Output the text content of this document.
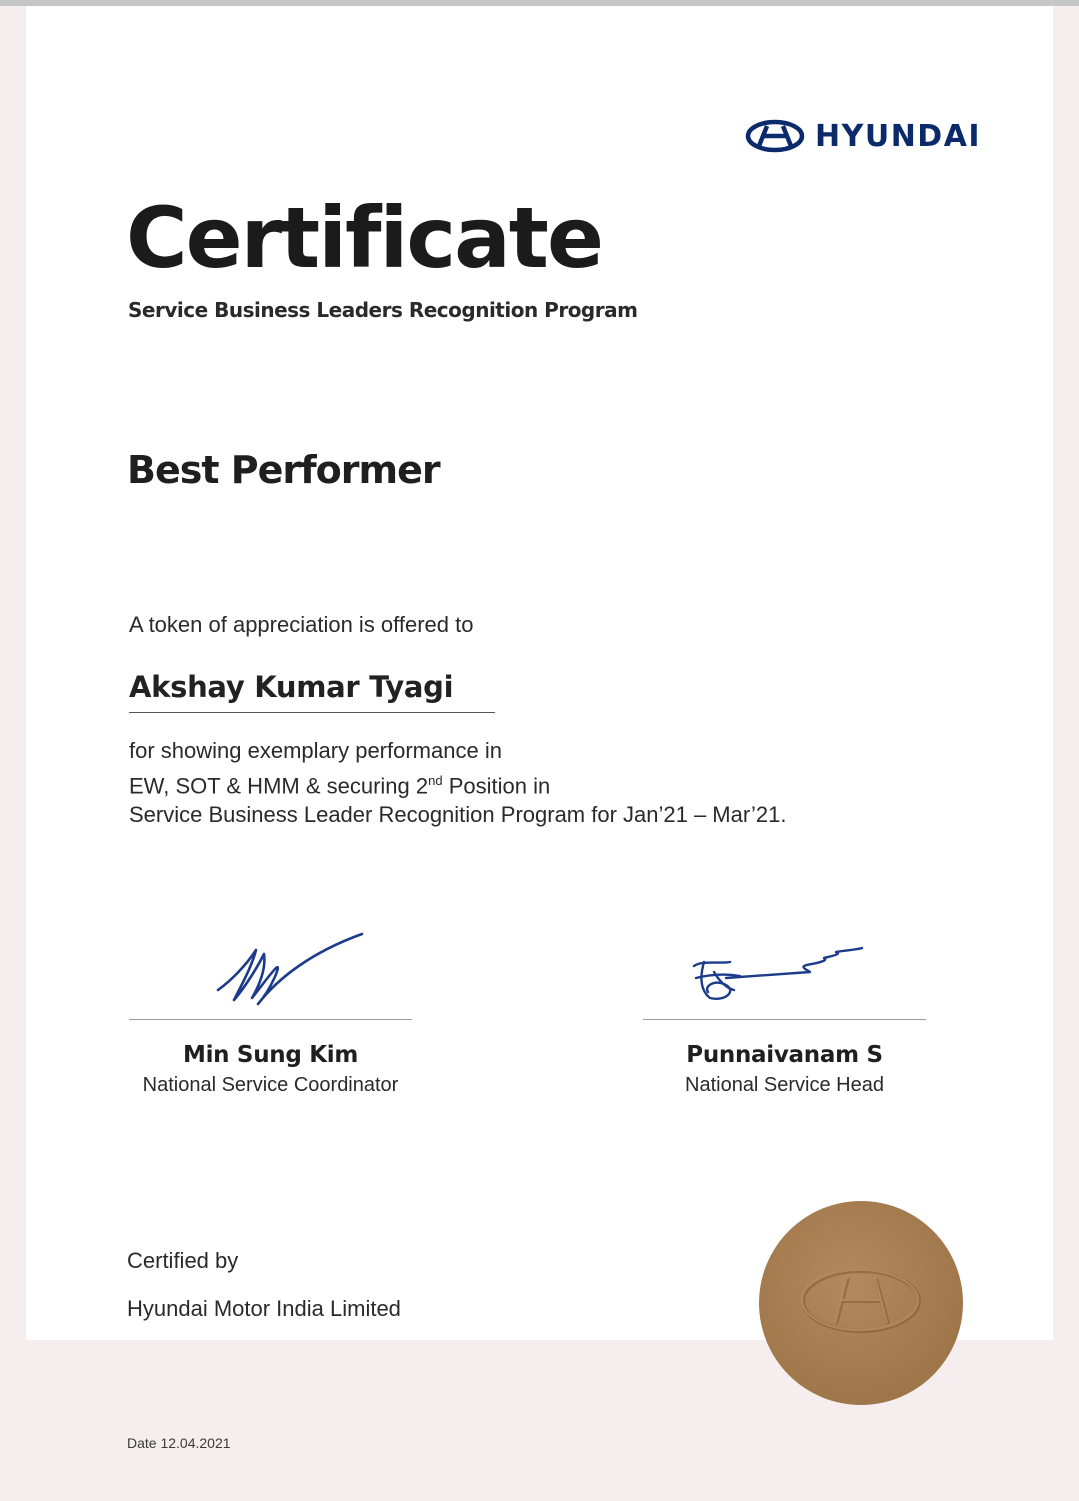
HYUNDAI
Certificate
Service Business Leaders Recognition Program
Best Performer
A token of appreciation is offered to
Akshay Kumar Tyagi
for showing exemplary performance in
EW, SOT & HMM & securing 2nd Position in
Service Business Leader Recognition Program for Jan’21 – Mar’21.
Min Sung Kim
National Service Coordinator
Punnaivanam S
National Service Head
Certified by
Hyundai Motor India Limited
Date 12.04.2021
